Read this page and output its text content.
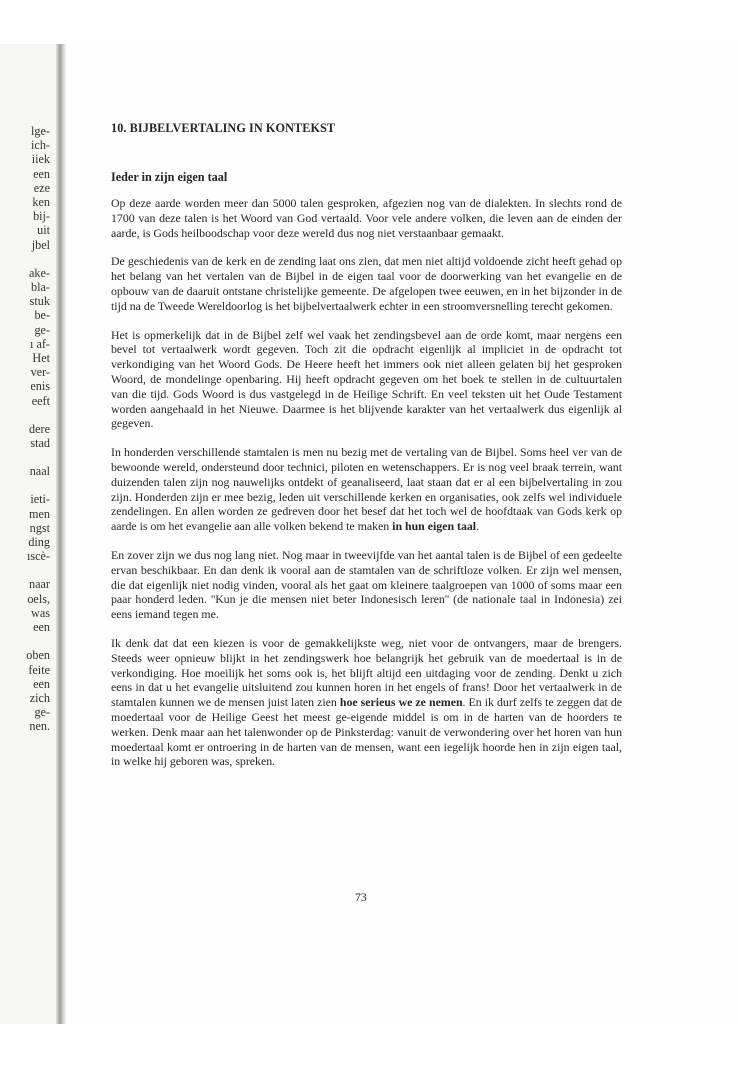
lge-
ich-
iiek
een
eze
ken
bij-
uit
jbel
ake-
bla-
stuk
be-
ge-
ı af-
Het
ver-
enis
eeft
dere
stad
naal
ieti-
men
ngst
ding
ıscè-
naar
oels,
was
een
oben
feite
een
zich
ge-
nen.
10. BIJBELVERTALING IN KONTEKST
Ieder in zijn eigen taal

Op deze aarde worden meer dan 5000 talen gesproken, afgezien nog van de dialekten. In slechts rond de 1700 van deze talen is het Woord van God vertaald. Voor vele andere volken, die leven aan de einden der aarde, is Gods heilboodschap voor deze wereld dus nog niet verstaanbaar gemaakt.

De geschiedenis van de kerk en de zending laat ons zien, dat men niet altijd voldoende zicht heeft gehad op het belang van het vertalen van de Bijbel in de eigen taal voor de doorwerking van het evangelie en de opbouw van de daaruit ontstane christelijke gemeente. De afgelopen twee eeuwen, en in het bijzonder in de tijd na de Tweede Wereldoorlog is het bijbelvertaalwerk echter in een stroomversnelling terecht gekomen.

Het is opmerkelijk dat in de Bijbel zelf wel vaak het zendingsbevel aan de orde komt, maar nergens een bevel tot vertaalwerk wordt gegeven. Toch zit die opdracht eigenlijk al impliciet in de opdracht tot verkondiging van het Woord Gods. De Heere heeft het immers ook niet alleen gelaten bij het gesproken Woord, de mondelinge openbaring. Hij heeft opdracht gegeven om het boek te stellen in de cultuurtalen van die tijd. Gods Woord is dus vastgelegd in de Heilige Schrift. En veel teksten uit het Oude Testament worden aangehaald in het Nieuwe. Daarmee is het blijvende karakter van het vertaalwerk dus eigenlijk al gegeven.

In honderden verschillende stamtalen is men nu bezig met de vertaling van de Bijbel. Soms heel ver van de bewoonde wereld, ondersteund door technici, piloten en wetenschappers. Er is nog veel braak terrein, want duizenden talen zijn nog nauwelijks ontdekt of geanaliseerd, laat staan dat er al een bijbelvertaling in zou zijn. Honderden zijn er mee bezig, leden uit verschillende kerken en organisaties, ook zelfs wel individuele zendelingen. En allen worden ze gedreven door het besef dat het toch wel de hoofdtaak van Gods kerk op aarde is om het evangelie aan alle volken bekend te maken in hun eigen taal.

En zover zijn we dus nog lang niet. Nog maar in tweevijfde van het aantal talen is de Bijbel of een gedeelte ervan beschikbaar. En dan denk ik vooral aan de stamtalen van de schriftloze volken. Er zijn wel mensen, die dat eigenlijk niet nodig vinden, vooral als het gaat om kleinere taalgroepen van 1000 of soms maar een paar honderd leden. ''Kun je die mensen niet beter Indonesisch leren'' (de nationale taal in Indonesia) zei eens iemand tegen me.

Ik denk dat dat een kiezen is voor de gemakkelijkste weg, niet voor de ontvangers, maar de brengers. Steeds weer opnieuw blijkt in het zendingswerk hoe belangrijk het gebruik van de moedertaal is in de verkondiging. Hoe moeilijk het soms ook is, het blijft altijd een uitdaging voor de zending. Denkt u zich eens in dat u het evangelie uitsluitend zou kunnen horen in het engels of frans! Door het vertaalwerk in de stamtalen kunnen we de mensen juist laten zien hoe serieus we ze nemen. En ik durf zelfs te zeggen dat de moedertaal voor de Heilige Geest het meest ge-eigende middel is om in de harten van de hoorders te werken. Denk maar aan het talenwonder op de Pinksterdag: vanuit de verwondering over het horen van hun moedertaal komt er ontroering in de harten van de mensen, want een iegelijk hoorde hen in zijn eigen taal, in welke hij geboren was, spreken.

73
